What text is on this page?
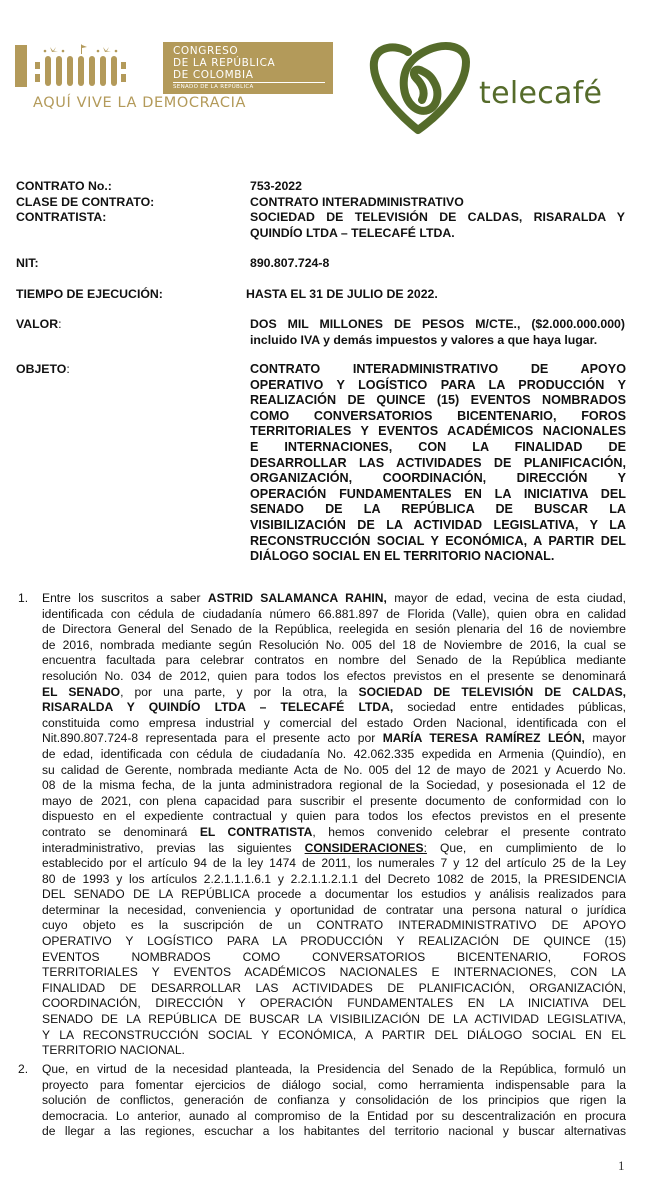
CONGRESO
DE LA REPÚBLICA
DE COLOMBIA
SENADO DE LA REPÚBLICA
AQUÍ VIVE LA DEMOCRACIA	telecafé
CONTRATO No.:	753-2022
CLASE DE CONTRATO:	CONTRATO INTERADMINISTRATIVO
CONTRATISTA:	SOCIEDAD DE TELEVISIÓN DE CALDAS, RISARALDA Y
QUINDÍO LTDA – TELECAFÉ LTDA.
NIT:	890.807.724-8
TIEMPO DE EJECUCIÓN:	HASTA EL 31 DE JULIO DE 2022.
VALOR:	DOS MIL MILLONES DE PESOS M/CTE., ($2.000.000.000)
incluido IVA y demás impuestos y valores a que haya lugar.
OBJETO:	CONTRATO INTERADMINISTRATIVO DE APOYO
OPERATIVO Y LOGÍSTICO PARA LA PRODUCCIÓN Y
REALIZACIÓN DE QUINCE (15) EVENTOS NOMBRADOS
COMO CONVERSATORIOS BICENTENARIO, FOROS
TERRITORIALES Y EVENTOS ACADÉMICOS NACIONALES
E INTERNACIONES, CON LA FINALIDAD DE
DESARROLLAR LAS ACTIVIDADES DE PLANIFICACIÓN,
ORGANIZACIÓN, COORDINACIÓN, DIRECCIÓN Y
OPERACIÓN FUNDAMENTALES EN LA INICIATIVA DEL
SENADO DE LA REPÚBLICA DE BUSCAR LA
VISIBILIZACIÓN DE LA ACTIVIDAD LEGISLATIVA, Y LA
RECONSTRUCCIÓN SOCIAL Y ECONÓMICA, A PARTIR DEL
DIÁLOGO SOCIAL EN EL TERRITORIO NACIONAL.
1. Entre los suscritos a saber ASTRID SALAMANCA RAHIN, mayor de edad, vecina de esta ciudad,
identificada con cédula de ciudadanía número 66.881.897 de Florida (Valle), quien obra en calidad
de Directora General del Senado de la República, reelegida en sesión plenaria del 16 de noviembre
de 2016, nombrada mediante según Resolución No. 005 del 18 de Noviembre de 2016, la cual se
encuentra facultada para celebrar contratos en nombre del Senado de la República mediante
resolución No. 034 de 2012, quien para todos los efectos previstos en el presente se denominará
EL SENADO, por una parte, y por la otra, la SOCIEDAD DE TELEVISIÓN DE CALDAS,
RISARALDA Y QUINDÍO LTDA – TELECAFÉ LTDA, sociedad entre entidades públicas,
constituida como empresa industrial y comercial del estado Orden Nacional, identificada con el
Nit.890.807.724-8 representada para el presente acto por MARÍA TERESA RAMÍREZ LEÓN, mayor
de edad, identificada con cédula de ciudadanía No. 42.062.335 expedida en Armenia (Quindío), en
su calidad de Gerente, nombrada mediante Acta de No. 005 del 12 de mayo de 2021 y Acuerdo No.
08 de la misma fecha, de la junta administradora regional de la Sociedad, y posesionada el 12 de
mayo de 2021, con plena capacidad para suscribir el presente documento de conformidad con lo
dispuesto en el expediente contractual y quien para todos los efectos previstos en el presente
contrato se denominará EL CONTRATISTA, hemos convenido celebrar el presente contrato
interadministrativo, previas las siguientes CONSIDERACIONES: Que, en cumplimiento de lo
establecido por el artículo 94 de la ley 1474 de 2011, los numerales 7 y 12 del artículo 25 de la Ley
80 de 1993 y los artículos 2.2.1.1.1.6.1 y 2.2.1.1.2.1.1 del Decreto 1082 de 2015, la PRESIDENCIA
DEL SENADO DE LA REPÚBLICA procede a documentar los estudios y análisis realizados para
determinar la necesidad, conveniencia y oportunidad de contratar una persona natural o jurídica
cuyo objeto es la suscripción de un CONTRATO INTERADMINISTRATIVO DE APOYO
OPERATIVO Y LOGÍSTICO PARA LA PRODUCCIÓN Y REALIZACIÓN DE QUINCE (15)
EVENTOS NOMBRADOS COMO CONVERSATORIOS BICENTENARIO, FOROS
TERRITORIALES Y EVENTOS ACADÉMICOS NACIONALES E INTERNACIONES, CON LA
FINALIDAD DE DESARROLLAR LAS ACTIVIDADES DE PLANIFICACIÓN, ORGANIZACIÓN,
COORDINACIÓN, DIRECCIÓN Y OPERACIÓN FUNDAMENTALES EN LA INICIATIVA DEL
SENADO DE LA REPÚBLICA DE BUSCAR LA VISIBILIZACIÓN DE LA ACTIVIDAD LEGISLATIVA,
Y LA RECONSTRUCCIÓN SOCIAL Y ECONÓMICA, A PARTIR DEL DIÁLOGO SOCIAL EN EL
TERRITORIO NACIONAL.
2. Que, en virtud de la necesidad planteada, la Presidencia del Senado de la República, formuló un
proyecto para fomentar ejercicios de diálogo social, como herramienta indispensable para la
solución de conflictos, generación de confianza y consolidación de los principios que rigen la
democracia. Lo anterior, aunado al compromiso de la Entidad por su descentralización en procura
de llegar a las regiones, escuchar a los habitantes del territorio nacional y buscar alternativas
1
